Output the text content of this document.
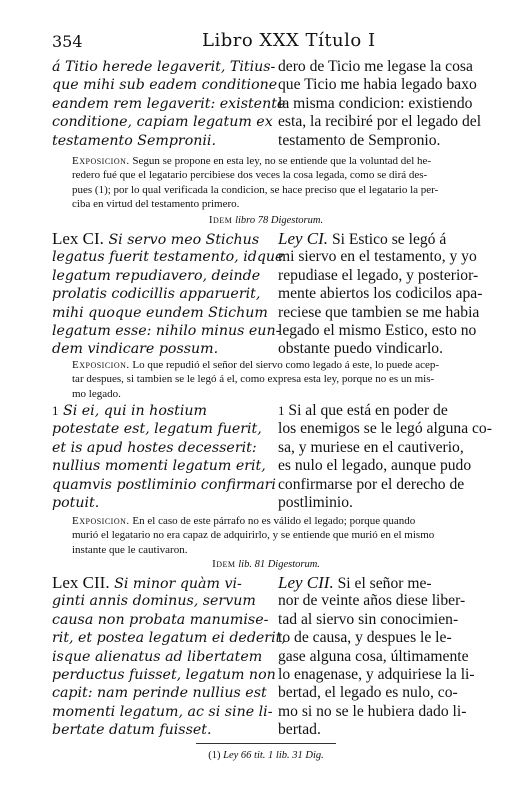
354	Libro XXX Título I
á Titio herede legaverit, Titius-
que mihi sub eadem conditione
eandem rem legaverit: existente
conditione, capiam legatum ex
testamento Sempronii.
dero de Ticio me legase la cosa
que Ticio me habia legado baxo
la misma condicion: existiendo
esta, la recibiré por el legado del
testamento de Sempronio.
Exposicion. Segun se propone en esta ley, no se entiende que la voluntad del he-
redero fué que el legatario percibiese dos veces la cosa legada, como se dirá des-
pues (1); por lo qual verificada la condicion, se hace preciso que el legatario la per-
ciba en virtud del testamento primero.
Idem libro 78 Digestorum.
Lex CI. Si servo meo Stichus
legatus fuerit testamento, idque
legatum repudiavero, deinde
prolatis codicillis apparuerit,
mihi quoque eundem Stichum
legatum esse: nihilo minus eun-
dem vindicare possum.
Ley CI. Si Estico se legó á
mi siervo en el testamento, y yo
repudiase el legado, y posterior-
mente abiertos los codicilos apa-
reciese que tambien se me habia
legado el mismo Estico, esto no
obstante puedo vindicarlo.
Exposicion. Lo que repudió el señor del siervo como legado á este, lo puede acep-
tar despues, si tambien se le legó á el, como expresa esta ley, porque no es un mis-
mo legado.
1 Si ei, qui in hostium
potestate est, legatum fuerit,
et is apud hostes decesserit:
nullius momenti legatum erit,
quamvis postliminio confirmari
potuit.
1 Si al que está en poder de
los enemigos se le legó alguna co-
sa, y muriese en el cautiverio,
es nulo el legado, aunque pudo
confirmarse por el derecho de
postliminio.
Exposicion. En el caso de este párrafo no es válido el legado; porque quando
murió el legatario no era capaz de adquirirlo, y se entiende que murió en el mismo
instante que le cautivaron.
Idem lib. 81 Digestorum.
Lex CII. Si minor quàm vi-
ginti annis dominus, servum
causa non probata manumise-
rit, et postea legatum ei dederit,
isque alienatus ad libertatem
perductus fuisset, legatum non
capit: nam perinde nullius est
momenti legatum, ac si sine li-
bertate datum fuisset.
Ley CII. Si el señor me-
nor de veinte años diese liber-
tad al siervo sin conocimien-
to de causa, y despues le le-
gase alguna cosa, últimamente
lo enagenase, y adquiriese la li-
bertad, el legado es nulo, co-
mo si no se le hubiera dado li-
bertad.
(1) Ley 66 tit. 1 lib. 31 Dig.
